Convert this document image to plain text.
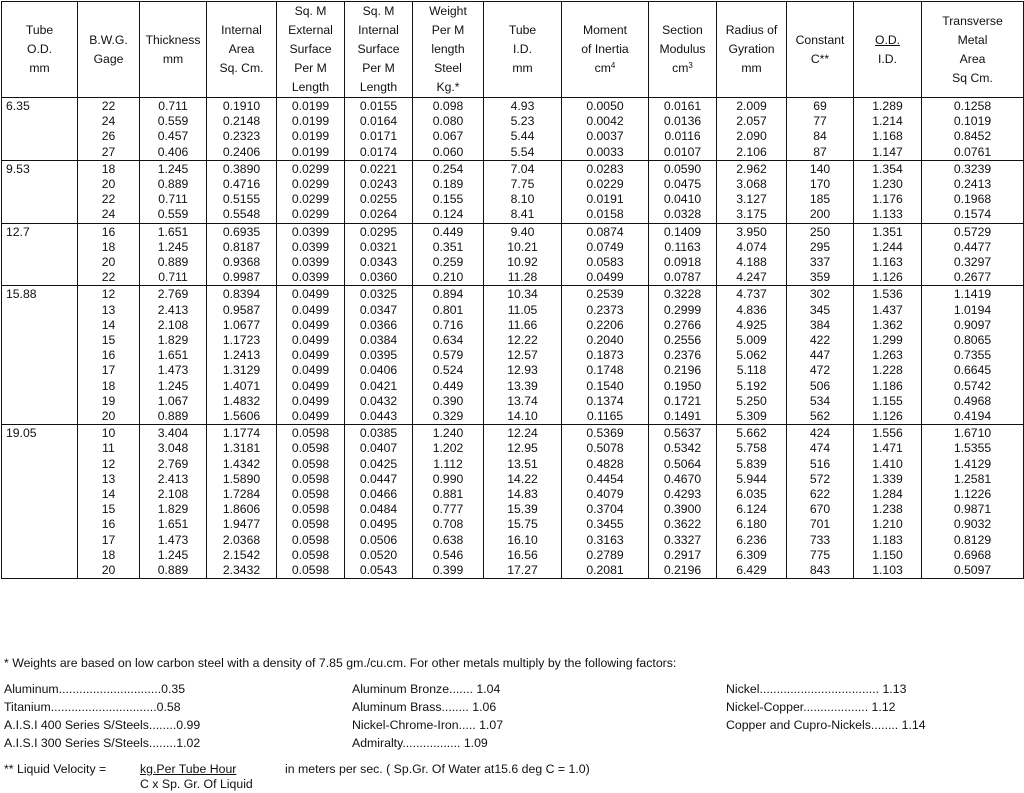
Tube
O.D.
mm	B.W.G.
Gage	Thickness
mm	Internal
Area
Sq. Cm.	Sq. M
External
Surface
Per M
Length	Sq. M
Internal
Surface
Per M
Length	Weight
Per M
length
Steel
Kg.*	Tube
I.D.
mm	Moment
of Inertia
$cm^4$	Section
Modulus
$cm^3$	Radius of
Gyration
mm	Constant
C**	O.D.
I.D.	Transverse
Metal
Area
Sq Cm.

6.35	22	0.711	0.1910	0.0199	0.0155	0.098	4.93	0.0050	0.0161	2.009	69	1.289	0.1258
	24	0.559	0.2148	0.0199	0.0164	0.080	5.23	0.0042	0.0136	2.057	77	1.214	0.1019
	26	0.457	0.2323	0.0199	0.0171	0.067	5.44	0.0037	0.0116	2.090	84	1.168	0.8452
	27	0.406	0.2406	0.0199	0.0174	0.060	5.54	0.0033	0.0107	2.106	87	1.147	0.0761
9.53	18	1.245	0.3890	0.0299	0.0221	0.254	7.04	0.0283	0.0590	2.962	140	1.354	0.3239
	20	0.889	0.4716	0.0299	0.0243	0.189	7.75	0.0229	0.0475	3.068	170	1.230	0.2413
	22	0.711	0.5155	0.0299	0.0255	0.155	8.10	0.0191	0.0410	3.127	185	1.176	0.1968
	24	0.559	0.5548	0.0299	0.0264	0.124	8.41	0.0158	0.0328	3.175	200	1.133	0.1574
12.7	16	1.651	0.6935	0.0399	0.0295	0.449	9.40	0.0874	0.1409	3.950	250	1.351	0.5729
	18	1.245	0.8187	0.0399	0.0321	0.351	10.21	0.0749	0.1163	4.074	295	1.244	0.4477
	20	0.889	0.9368	0.0399	0.0343	0.259	10.92	0.0583	0.0918	4.188	337	1.163	0.3297
	22	0.711	0.9987	0.0399	0.0360	0.210	11.28	0.0499	0.0787	4.247	359	1.126	0.2677
15.88	12	2.769	0.8394	0.0499	0.0325	0.894	10.34	0.2539	0.3228	4.737	302	1.536	1.1419
	13	2.413	0.9587	0.0499	0.0347	0.801	11.05	0.2373	0.2999	4.836	345	1.437	1.0194
	14	2.108	1.0677	0.0499	0.0366	0.716	11.66	0.2206	0.2766	4.925	384	1.362	0.9097
	15	1.829	1.1723	0.0499	0.0384	0.634	12.22	0.2040	0.2556	5.009	422	1.299	0.8065
	16	1.651	1.2413	0.0499	0.0395	0.579	12.57	0.1873	0.2376	5.062	447	1.263	0.7355
	17	1.473	1.3129	0.0499	0.0406	0.524	12.93	0.1748	0.2196	5.118	472	1.228	0.6645
	18	1.245	1.4071	0.0499	0.0421	0.449	13.39	0.1540	0.1950	5.192	506	1.186	0.5742
	19	1.067	1.4832	0.0499	0.0432	0.390	13.74	0.1374	0.1721	5.250	534	1.155	0.4968
	20	0.889	1.5606	0.0499	0.0443	0.329	14.10	0.1165	0.1491	5.309	562	1.126	0.4194
19.05	10	3.404	1.1774	0.0598	0.0385	1.240	12.24	0.5369	0.5637	5.662	424	1.556	1.6710
	11	3.048	1.3181	0.0598	0.0407	1.202	12.95	0.5078	0.5342	5.758	474	1.471	1.5355
	12	2.769	1.4342	0.0598	0.0425	1.112	13.51	0.4828	0.5064	5.839	516	1.410	1.4129
	13	2.413	1.5890	0.0598	0.0447	0.990	14.22	0.4454	0.4670	5.944	572	1.339	1.2581
	14	2.108	1.7284	0.0598	0.0466	0.881	14.83	0.4079	0.4293	6.035	622	1.284	1.1226
	15	1.829	1.8606	0.0598	0.0484	0.777	15.39	0.3704	0.3900	6.124	670	1.238	0.9871
	16	1.651	1.9477	0.0598	0.0495	0.708	15.75	0.3455	0.3622	6.180	701	1.210	0.9032
	17	1.473	2.0368	0.0598	0.0506	0.638	16.10	0.3163	0.3327	6.236	733	1.183	0.8129
	18	1.245	2.1542	0.0598	0.0520	0.546	16.56	0.2789	0.2917	6.309	775	1.150	0.6968
	20	0.889	2.3432	0.0598	0.0543	0.399	17.27	0.2081	0.2196	6.429	843	1.103	0.5097
* Weights are based on low carbon steel with a density of 7.85 gm./cu.cm. For other metals multiply by the following factors:
Aluminum..............................0.35
Titanium...............................0.58
A.I.S.I 400 Series S/Steels........0.99
A.I.S.I 300 Series S/Steels........1.02
Aluminum Bronze....... 1.04
Aluminum Brass........ 1.06
Nickel-Chrome-Iron..... 1.07
Admiralty................. 1.09
Nickel................................... 1.13
Nickel-Copper................... 1.12
Copper and Cupro-Nickels........ 1.14
** Liquid Velocity =	kg.Per Tube Hour
C x Sp. Gr. Of Liquid
in meters per sec. ( Sp.Gr. Of Water at15.6 deg C = 1.0)
